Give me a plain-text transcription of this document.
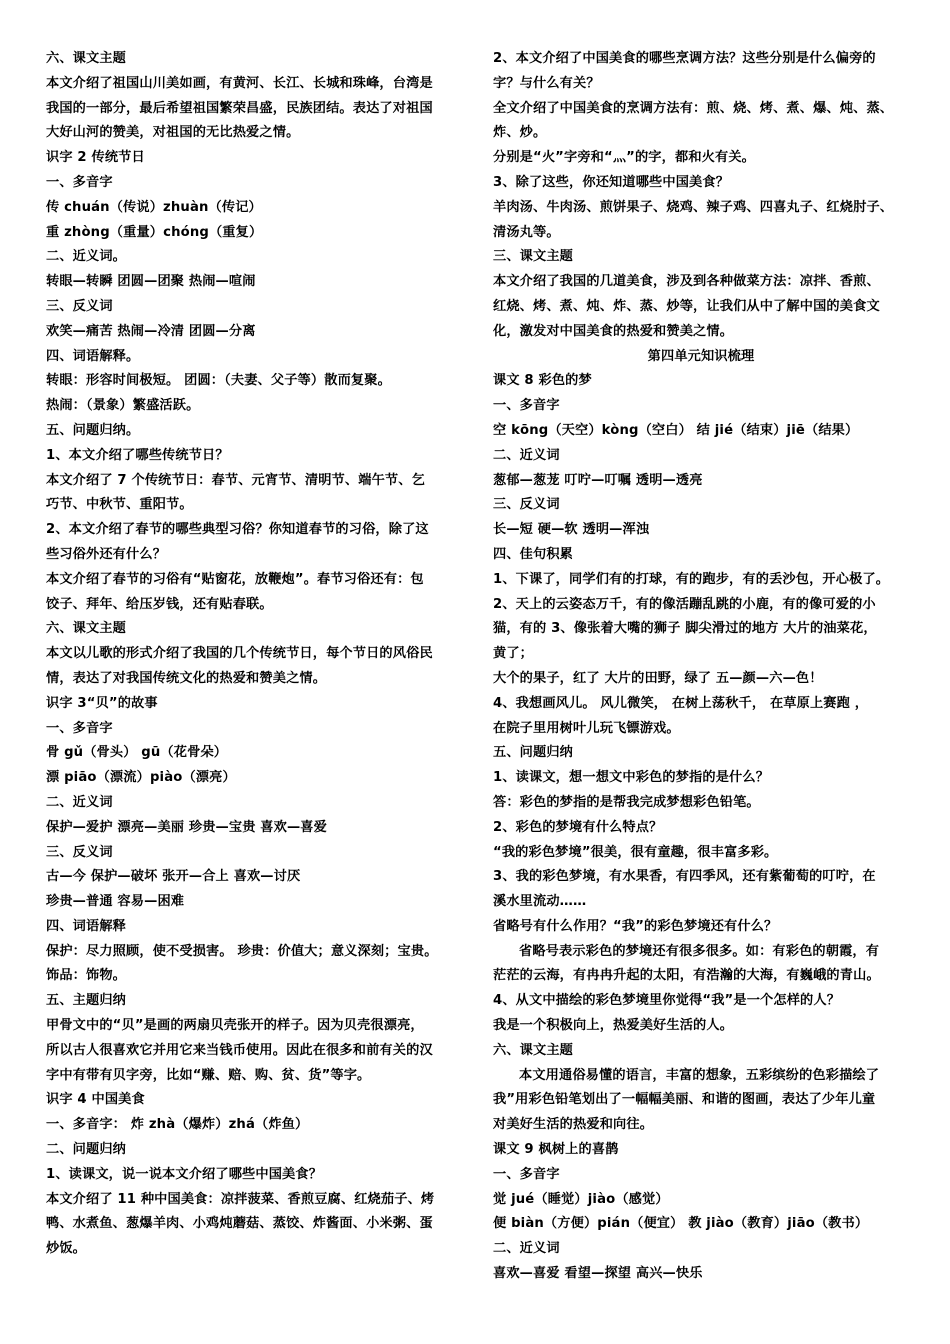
六、课文主题
本文介绍了祖国山川美如画，有黄河、长江、长城和珠峰，台湾是
我国的一部分，最后希望祖国繁荣昌盛，民族团结。表达了对祖国
大好山河的赞美，对祖国的无比热爱之情。
识字 2 传统节日
一、多音字
传 chuán（传说）zhuàn（传记）
重 zhòng（重量）chóng（重复）
二、近义词。
转眼—转瞬 团圆—团聚 热闹—喧闹
三、反义词
欢笑—痛苦 热闹—冷清 团圆—分离
四、词语解释。
转眼：形容时间极短。 团圆：（夫妻、父子等）散而复聚。
热闹：（景象）繁盛活跃。
五、问题归纳。
1、本文介绍了哪些传统节日？
本文介绍了 7 个传统节日：春节、元宵节、清明节、端午节、乞
巧节、中秋节、重阳节。
2、本文介绍了春节的哪些典型习俗？你知道春节的习俗，除了这
些习俗外还有什么？
本文介绍了春节的习俗有“贴窗花，放鞭炮”。春节习俗还有：包
饺子、拜年、给压岁钱，还有贴春联。
六、课文主题
本文以儿歌的形式介绍了我国的几个传统节日，每个节日的风俗民
情，表达了对我国传统文化的热爱和赞美之情。
识字 3“贝”的故事
一、多音字
骨 gǔ（骨头） gū（花骨朵）
漂 piāo（漂流）piào（漂亮）
二、近义词
保护—爱护 漂亮—美丽 珍贵—宝贵 喜欢—喜爱
三、反义词
古—今 保护—破坏 张开—合上 喜欢—讨厌
珍贵—普通 容易—困难
四、词语解释
保护：尽力照顾，使不受损害。 珍贵：价值大；意义深刻；宝贵。
饰品：饰物。
五、主题归纳
甲骨文中的“贝”是画的两扇贝壳张开的样子。因为贝壳很漂亮，
所以古人很喜欢它并用它来当钱币使用。因此在很多和前有关的汉
字中有带有贝字旁，比如“赚、赔、购、贫、货”等字。
识字 4 中国美食
一、多音字： 炸 zhà（爆炸）zhá（炸鱼）
二、问题归纳
1、读课文，说一说本文介绍了哪些中国美食？
本文介绍了 11 种中国美食：凉拌菠菜、香煎豆腐、红烧茄子、烤
鸭、水煮鱼、葱爆羊肉、小鸡炖蘑菇、蒸饺、炸酱面、小米粥、蛋
炒饭。
2、本文介绍了中国美食的哪些烹调方法？这些分别是什么偏旁的
字？与什么有关？
全文介绍了中国美食的烹调方法有：煎、烧、烤、煮、爆、炖、蒸、
炸、炒。
分别是“火”字旁和“灬”的字，都和火有关。
3、除了这些，你还知道哪些中国美食？
羊肉汤、牛肉汤、煎饼果子、烧鸡、辣子鸡、四喜丸子、红烧肘子、
清汤丸等。
三、课文主题
本文介绍了我国的几道美食，涉及到各种做菜方法：凉拌、香煎、
红烧、烤、煮、炖、炸、蒸、炒等，让我们从中了解中国的美食文
化，激发对中国美食的热爱和赞美之情。
第四单元知识梳理
课文 8 彩色的梦
一、多音字
空 kōng（天空）kòng（空白） 结 jié（结束）jiē（结果）
二、近义词
葱郁—葱茏 叮咛—叮嘱 透明—透亮
三、反义词
长—短 硬—软 透明—浑浊
四、佳句积累
1、下课了，同学们有的打球，有的跑步，有的丢沙包，开心极了。
2、天上的云姿态万千，有的像活蹦乱跳的小鹿，有的像可爱的小
猫，有的 3、像张着大嘴的狮子 脚尖滑过的地方 大片的油菜花，
黄了；
大个的果子，红了 大片的田野，绿了 五—颜—六—色！
4、我想画风儿。 风儿微笑， 在树上荡秋千， 在草原上赛跑 ，
在院子里用树叶儿玩飞镖游戏。
五、问题归纳
1、读课文，想一想文中彩色的梦指的是什么？
答：彩色的梦指的是帮我完成梦想彩色铅笔。
2、彩色的梦境有什么特点？
“我的彩色梦境”很美，很有童趣，很丰富多彩。
3、我的彩色梦境，有水果香，有四季风，还有紫葡萄的叮咛，在
溪水里流动……
省略号有什么作用？“我”的彩色梦境还有什么？
省略号表示彩色的梦境还有很多很多。如：有彩色的朝霞，有
茫茫的云海，有冉冉升起的太阳，有浩瀚的大海，有巍峨的青山。
4、从文中描绘的彩色梦境里你觉得“我”是一个怎样的人？
我是一个积极向上，热爱美好生活的人。
六、课文主题
本文用通俗易懂的语言，丰富的想象，五彩缤纷的色彩描绘了
我”用彩色铅笔划出了一幅幅美丽、和谐的图画，表达了少年儿童
对美好生活的热爱和向往。
课文 9 枫树上的喜鹊
一、多音字
觉 jué（睡觉）jiào（感觉）
便 biàn（方便）pián（便宜） 教 jiào（教育）jiāo（教书）
二、近义词
喜欢—喜爱 看望—探望 高兴—快乐
